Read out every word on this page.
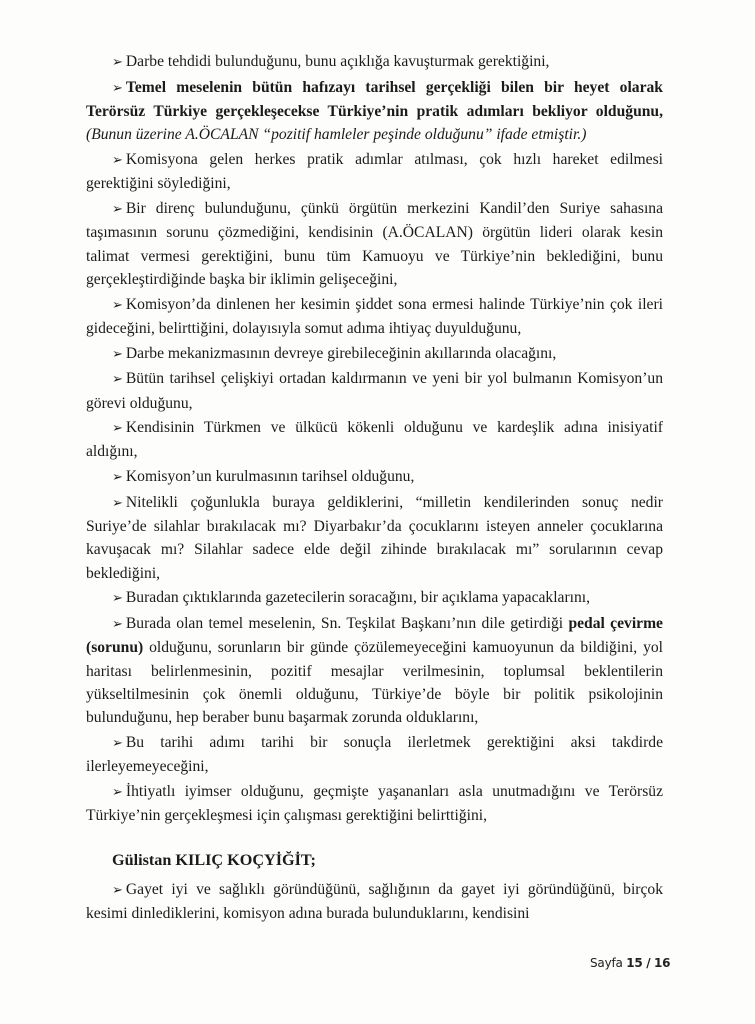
➢ Darbe tehdidi bulunduğunu, bunu açıklığa kavuşturmak gerektiğini,

➢ Temel meselenin bütün hafızayı tarihsel gerçekliği bilen bir heyet olarak Terörsüz Türkiye gerçekleşecekse Türkiye’nin pratik adımları bekliyor olduğunu, (Bunun üzerine A.ÖCALAN “pozitif hamleler peşinde olduğunu” ifade etmiştir.)

➢ Komisyona gelen herkes pratik adımlar atılması, çok hızlı hareket edilmesi gerektiğini söylediğini,

➢ Bir direnç bulunduğunu, çünkü örgütün merkezini Kandil’den Suriye sahasına taşımasının sorunu çözmediğini, kendisinin (A.ÖCALAN) örgütün lideri olarak kesin talimat vermesi gerektiğini, bunu tüm Kamuoyu ve Türkiye’nin beklediğini, bunu gerçekleştirdiğinde başka bir iklimin gelişeceğini,

➢ Komisyon’da dinlenen her kesimin şiddet sona ermesi halinde Türkiye’nin çok ileri gideceğini, belirttiğini, dolayısıyla somut adıma ihtiyaç duyulduğunu,

➢ Darbe mekanizmasının devreye girebileceğinin akıllarında olacağını,

➢ Bütün tarihsel çelişkiyi ortadan kaldırmanın ve yeni bir yol bulmanın Komisyon’un görevi olduğunu,

➢ Kendisinin Türkmen ve ülkücü kökenli olduğunu ve kardeşlik adına inisiyatif aldığını,

➢ Komisyon’un kurulmasının tarihsel olduğunu,

➢ Nitelikli çoğunlukla buraya geldiklerini, “milletin kendilerinden sonuç nedir Suriye’de silahlar bırakılacak mı? Diyarbakır’da çocuklarını isteyen anneler çocuklarına kavuşacak mı? Silahlar sadece elde değil zihinde bırakılacak mı” sorularının cevap beklediğini,

➢ Buradan çıktıklarında gazetecilerin soracağını, bir açıklama yapacaklarını,

➢ Burada olan temel meselenin, Sn. Teşkilat Başkanı’nın dile getirdiği pedal çevirme (sorunu) olduğunu, sorunların bir günde çözülemeyeceğini kamuoyunun da bildiğini, yol haritası belirlenmesinin, pozitif mesajlar verilmesinin, toplumsal beklentilerin yükseltilmesinin çok önemli olduğunu, Türkiye’de böyle bir politik psikolojinin bulunduğunu, hep beraber bunu başarmak zorunda olduklarını,

➢ Bu tarihi adımı tarihi bir sonuçla ilerletmek gerektiğini aksi takdirde ilerleyemeyeceğini,

➢ İhtiyatlı iyimser olduğunu, geçmişte yaşananları asla unutmadığını ve Terörsüz Türkiye’nin gerçekleşmesi için çalışması gerektiğini belirttiğini,

Gülistan KILIÇ KOÇYİĞİT;

➢ Gayet iyi ve sağlıklı göründüğünü, sağlığının da gayet iyi göründüğünü, birçok kesimi dinlediklerini, komisyon adına burada bulunduklarını, kendisini

Sayfa 15 / 16
